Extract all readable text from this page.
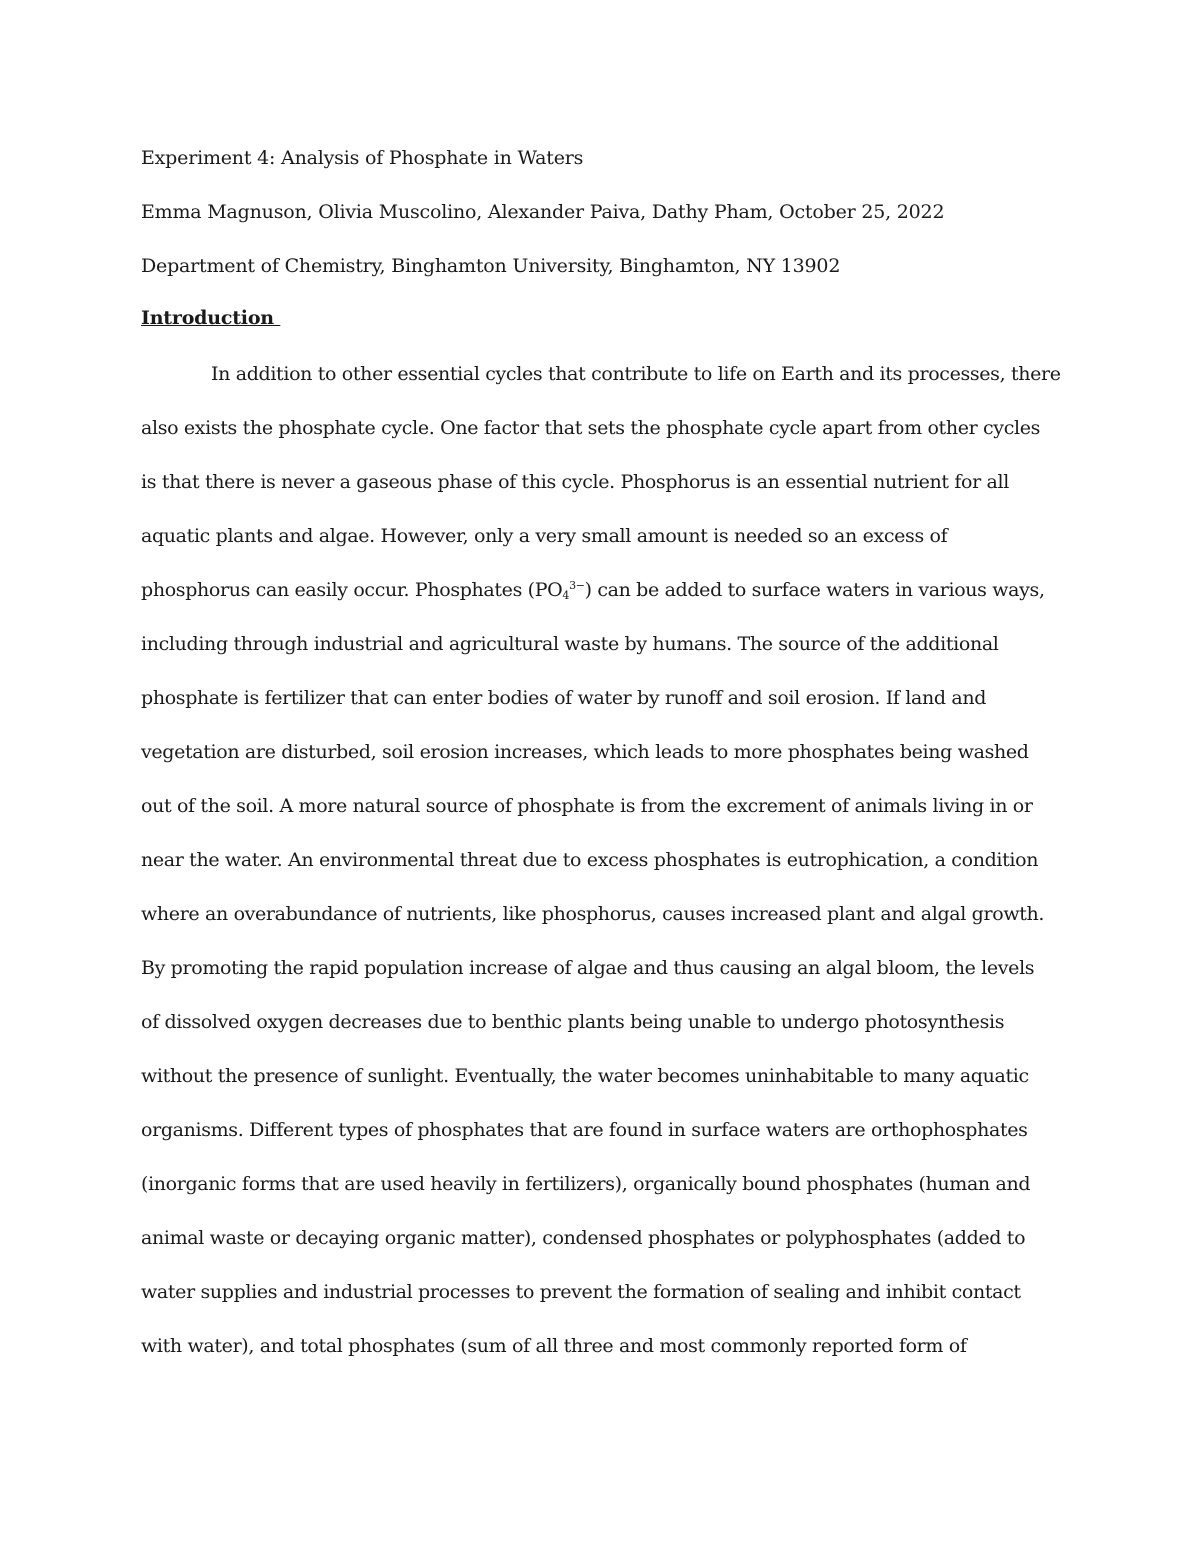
Experiment 4: Analysis of Phosphate in Waters
Emma Magnuson, Olivia Muscolino, Alexander Paiva, Dathy Pham, October 25, 2022
Department of Chemistry, Binghamton University, Binghamton, NY 13902
Introduction
In addition to other essential cycles that contribute to life on Earth and its processes, there
also exists the phosphate cycle. One factor that sets the phosphate cycle apart from other cycles
is that there is never a gaseous phase of this cycle. Phosphorus is an essential nutrient for all
aquatic plants and algae. However, only a very small amount is needed so an excess of
phosphorus can easily occur. Phosphates $(PO_4^{3-})$ can be added to surface waters in various ways,
including through industrial and agricultural waste by humans. The source of the additional
phosphate is fertilizer that can enter bodies of water by runoff and soil erosion. If land and
vegetation are disturbed, soil erosion increases, which leads to more phosphates being washed
out of the soil. A more natural source of phosphate is from the excrement of animals living in or
near the water. An environmental threat due to excess phosphates is eutrophication, a condition
where an overabundance of nutrients, like phosphorus, causes increased plant and algal growth.
By promoting the rapid population increase of algae and thus causing an algal bloom, the levels
of dissolved oxygen decreases due to benthic plants being unable to undergo photosynthesis
without the presence of sunlight. Eventually, the water becomes uninhabitable to many aquatic
organisms. Different types of phosphates that are found in surface waters are orthophosphates
(inorganic forms that are used heavily in fertilizers), organically bound phosphates (human and
animal waste or decaying organic matter), condensed phosphates or polyphosphates (added to
water supplies and industrial processes to prevent the formation of sealing and inhibit contact
with water), and total phosphates (sum of all three and most commonly reported form of
